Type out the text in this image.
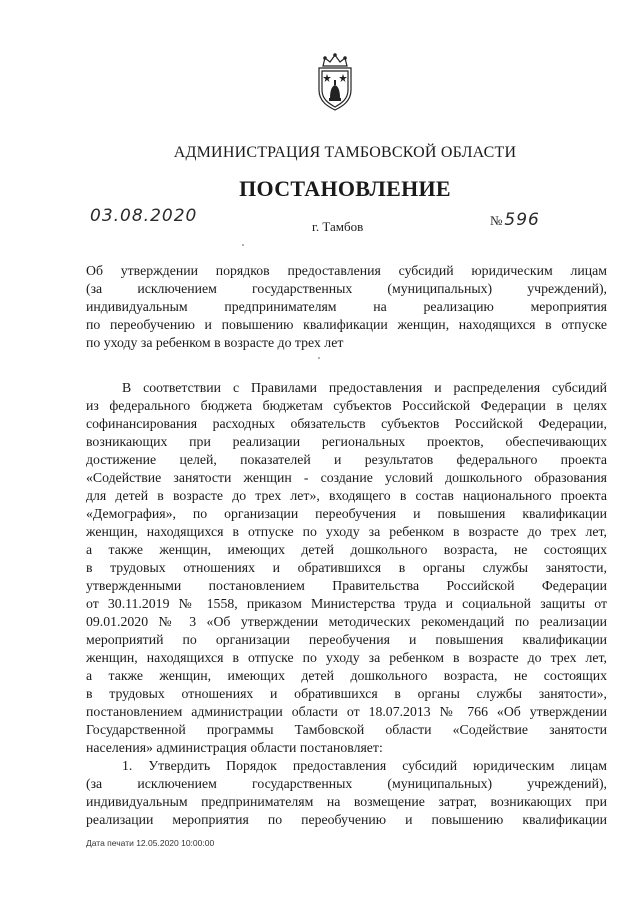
АДМИНИСТРАЦИЯ ТАМБОВСКОЙ ОБЛАСТИ
ПОСТАНОВЛЕНИЕ
03.08.2020
г. Тамбов	№ 596
Об утверждении порядков предоставления субсидий юридическим лицам
(за исключением государственных (муниципальных) учреждений),
индивидуальным предпринимателям на реализацию мероприятия
по переобучению и повышению квалификации женщин, находящихся в отпуске
по уходу за ребенком в возрасте до трех лет
В соответствии с Правилами предоставления и распределения субсидий
из федерального бюджета бюджетам субъектов Российской Федерации в целях
софинансирования расходных обязательств субъектов Российской Федерации,
возникающих при реализации региональных проектов, обеспечивающих
достижение целей, показателей и результатов федерального проекта
«Содействие занятости женщин - создание условий дошкольного образования
для детей в возрасте до трех лет», входящего в состав национального проекта
«Демография», по организации переобучения и повышения квалификации
женщин, находящихся в отпуске по уходу за ребенком в возрасте до трех лет,
а также женщин, имеющих детей дошкольного возраста, не состоящих
в трудовых отношениях и обратившихся в органы службы занятости,
утвержденными постановлением Правительства Российской Федерации
от 30.11.2019 № 1558, приказом Министерства труда и социальной защиты от
09.01.2020 № 3 «Об утверждении методических рекомендаций по реализации
мероприятий по организации переобучения и повышения квалификации
женщин, находящихся в отпуске по уходу за ребенком в возрасте до трех лет,
а также женщин, имеющих детей дошкольного возраста, не состоящих
в трудовых отношениях и обратившихся в органы службы занятости»,
постановлением администрации области от 18.07.2013 № 766 «Об утверждении
Государственной программы Тамбовской области «Содействие занятости
населения» администрация области постановляет:
1. Утвердить Порядок предоставления субсидий юридическим лицам
(за исключением государственных (муниципальных) учреждений),
индивидуальным предпринимателям на возмещение затрат, возникающих при
реализации мероприятия по переобучению и повышению квалификации
Дата печати 12.05.2020 10:00:00
